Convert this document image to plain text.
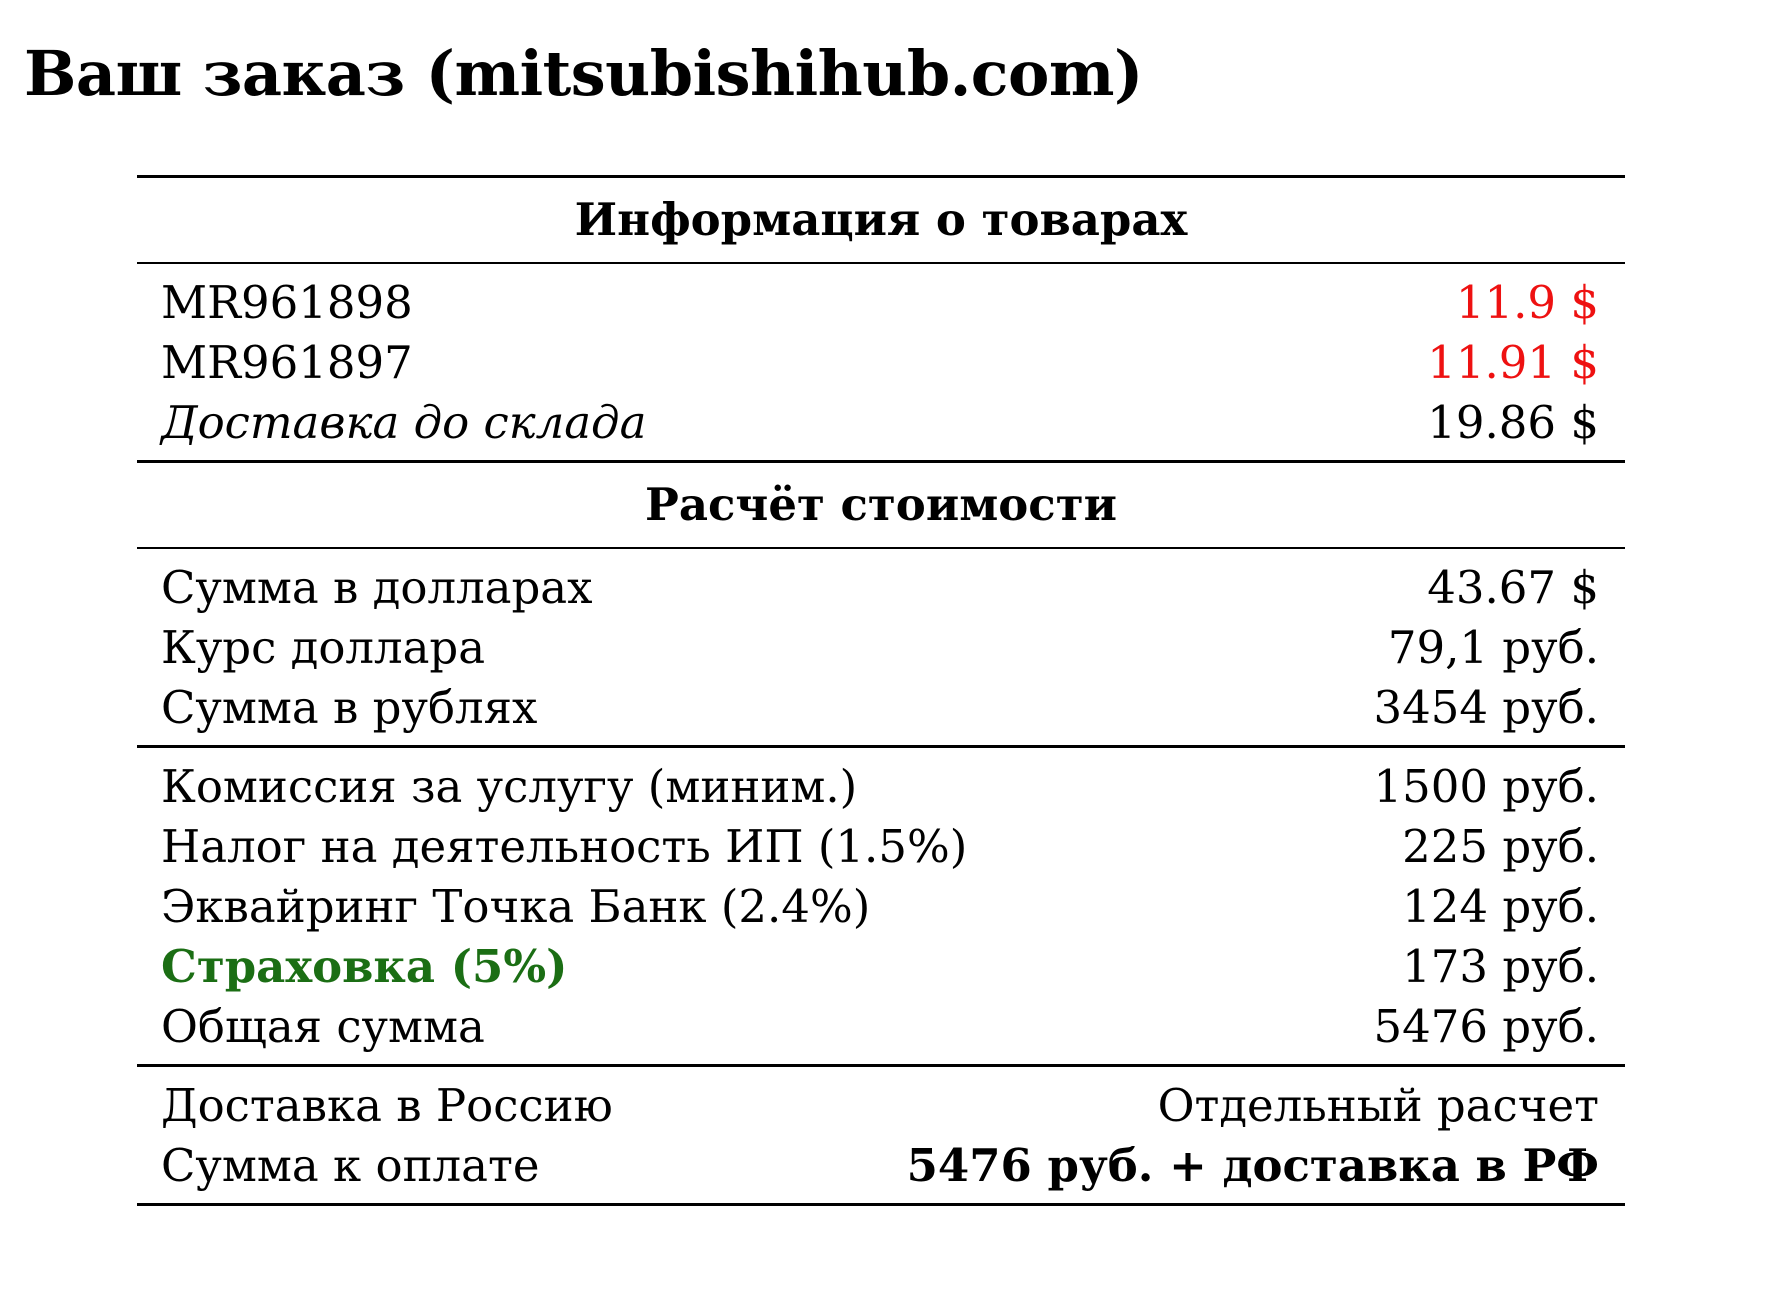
Ваш заказ (mitsubishihub.com)
Информация о товарах
MR961898	11.9 $
MR961897	11.91 $
Доставка до склада	19.86 $
Расчёт стоимости
Сумма в долларах	43.67 $
Курс доллара	79,1 руб.
Сумма в рублях	3454 руб.
Комиссия за услугу (миним.)	1500 руб.
Налог на деятельность ИП (1.5%)	225 руб.
Эквайринг Точка Банк (2.4%)	124 руб.
Страховка (5%)	173 руб.
Общая сумма	5476 руб.
Доставка в Россию	Отдельный расчет
Сумма к оплате	5476 руб. + доставка в РФ
